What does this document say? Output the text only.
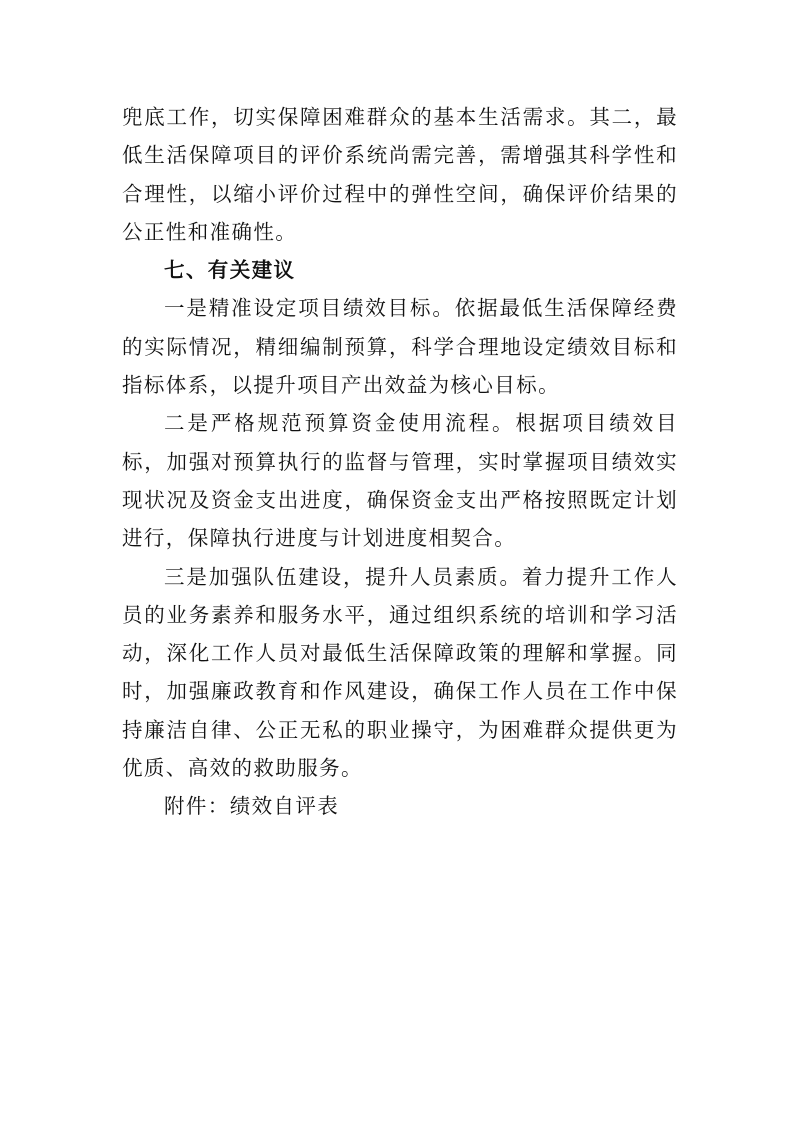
兜底工作，切实保障困难群众的基本生活需求。其二，最低生活保障项目的评价系统尚需完善，需增强其科学性和合理性，以缩小评价过程中的弹性空间，确保评价结果的公正性和准确性。

七、有关建议

一是精准设定项目绩效目标。依据最低生活保障经费的实际情况，精细编制预算，科学合理地设定绩效目标和指标体系，以提升项目产出效益为核心目标。

二是严格规范预算资金使用流程。根据项目绩效目标，加强对预算执行的监督与管理，实时掌握项目绩效实现状况及资金支出进度，确保资金支出严格按照既定计划进行，保障执行进度与计划进度相契合。

三是加强队伍建设，提升人员素质。着力提升工作人员的业务素养和服务水平，通过组织系统的培训和学习活动，深化工作人员对最低生活保障政策的理解和掌握。同时，加强廉政教育和作风建设，确保工作人员在工作中保持廉洁自律、公正无私的职业操守，为困难群众提供更为优质、高效的救助服务。

附件：绩效自评表
